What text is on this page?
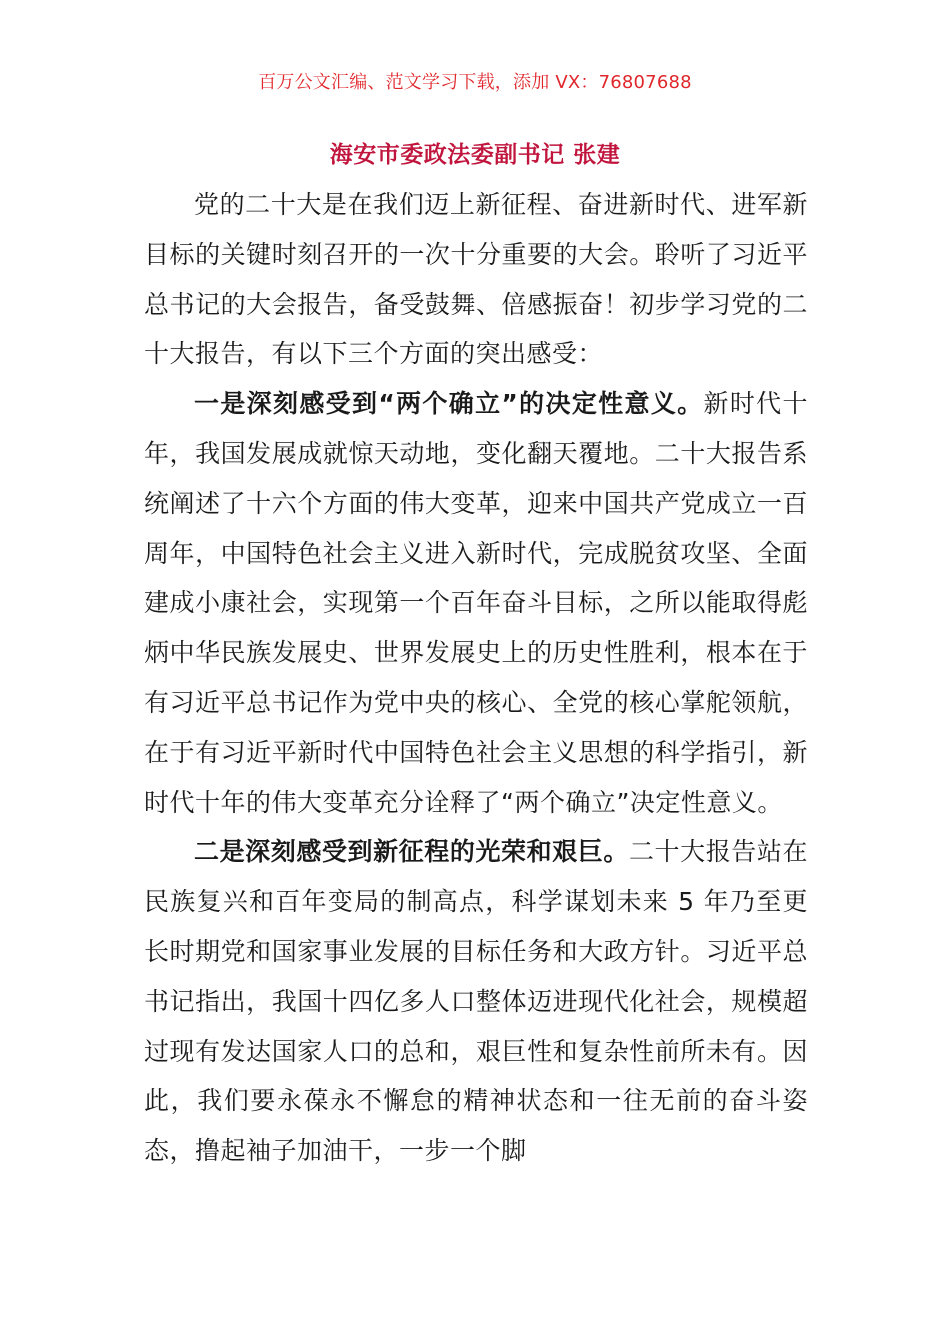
百万公文汇编、范文学习下载，添加 VX：76807688
海安市委政法委副书记 张建

党的二十大是在我们迈上新征程、奋进新时代、进军新目标的关键时刻召开的一次十分重要的大会。聆听了习近平总书记的大会报告，备受鼓舞、倍感振奋！初步学习党的二十大报告，有以下三个方面的突出感受：

一是深刻感受到“两个确立”的决定性意义。新时代十年，我国发展成就惊天动地，变化翻天覆地。二十大报告系统阐述了十六个方面的伟大变革，迎来中国共产党成立一百周年，中国特色社会主义进入新时代，完成脱贫攻坚、全面建成小康社会，实现第一个百年奋斗目标，之所以能取得彪炳中华民族发展史、世界发展史上的历史性胜利，根本在于有习近平总书记作为党中央的核心、全党的核心掌舵领航，在于有习近平新时代中国特色社会主义思想的科学指引，新时代十年的伟大变革充分诠释了“两个确立”决定性意义。

二是深刻感受到新征程的光荣和艰巨。二十大报告站在民族复兴和百年变局的制高点，科学谋划未来 5 年乃至更长时期党和国家事业发展的目标任务和大政方针。习近平总书记指出，我国十四亿多人口整体迈进现代化社会，规模超过现有发达国家人口的总和，艰巨性和复杂性前所未有。因此，我们要永葆永不懈怠的精神状态和一往无前的奋斗姿态，撸起袖子加油干，一步一个脚
